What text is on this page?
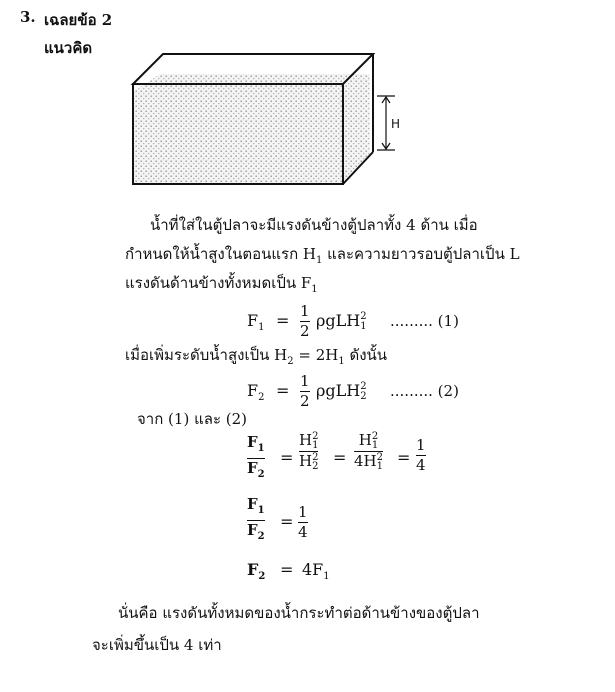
3. เฉลยข้อ 2
แนวคิด
H
น้ำที่ใส่ในตู้ปลาจะมีแรงดันข้างตู้ปลาทั้ง 4 ด้าน เมื่อ
กำหนดให้น้ำสูงในตอนแรก $H_1$ และความยาวรอบตู้ปลาเป็น L
แรงดันด้านข้างทั้งหมดเป็น $F_1$
$F_1 = 1$
2
ρgLH 2
1 ......... (1)
เมื่อเพิ่มระดับน้ำสูงเป็น $H_2 = 2H_1$ ดังนั้น
$F_2 = 1$
2
ρgLH 2
2 ......... (2)
จาก (1) และ (2)
$F_1$
$F_2$
=
H 2
1
H 2
2 =
H 2
1
4H 2
1 =
1
4
$F_1$
$F_2$
= 1
4
$F_2 = 4F_1$
นั่นคือ แรงดันทั้งหมดของน้ำกระทำต่อด้านข้างของตู้ปลา
จะเพิ่มขึ้นเป็น 4 เท่า
